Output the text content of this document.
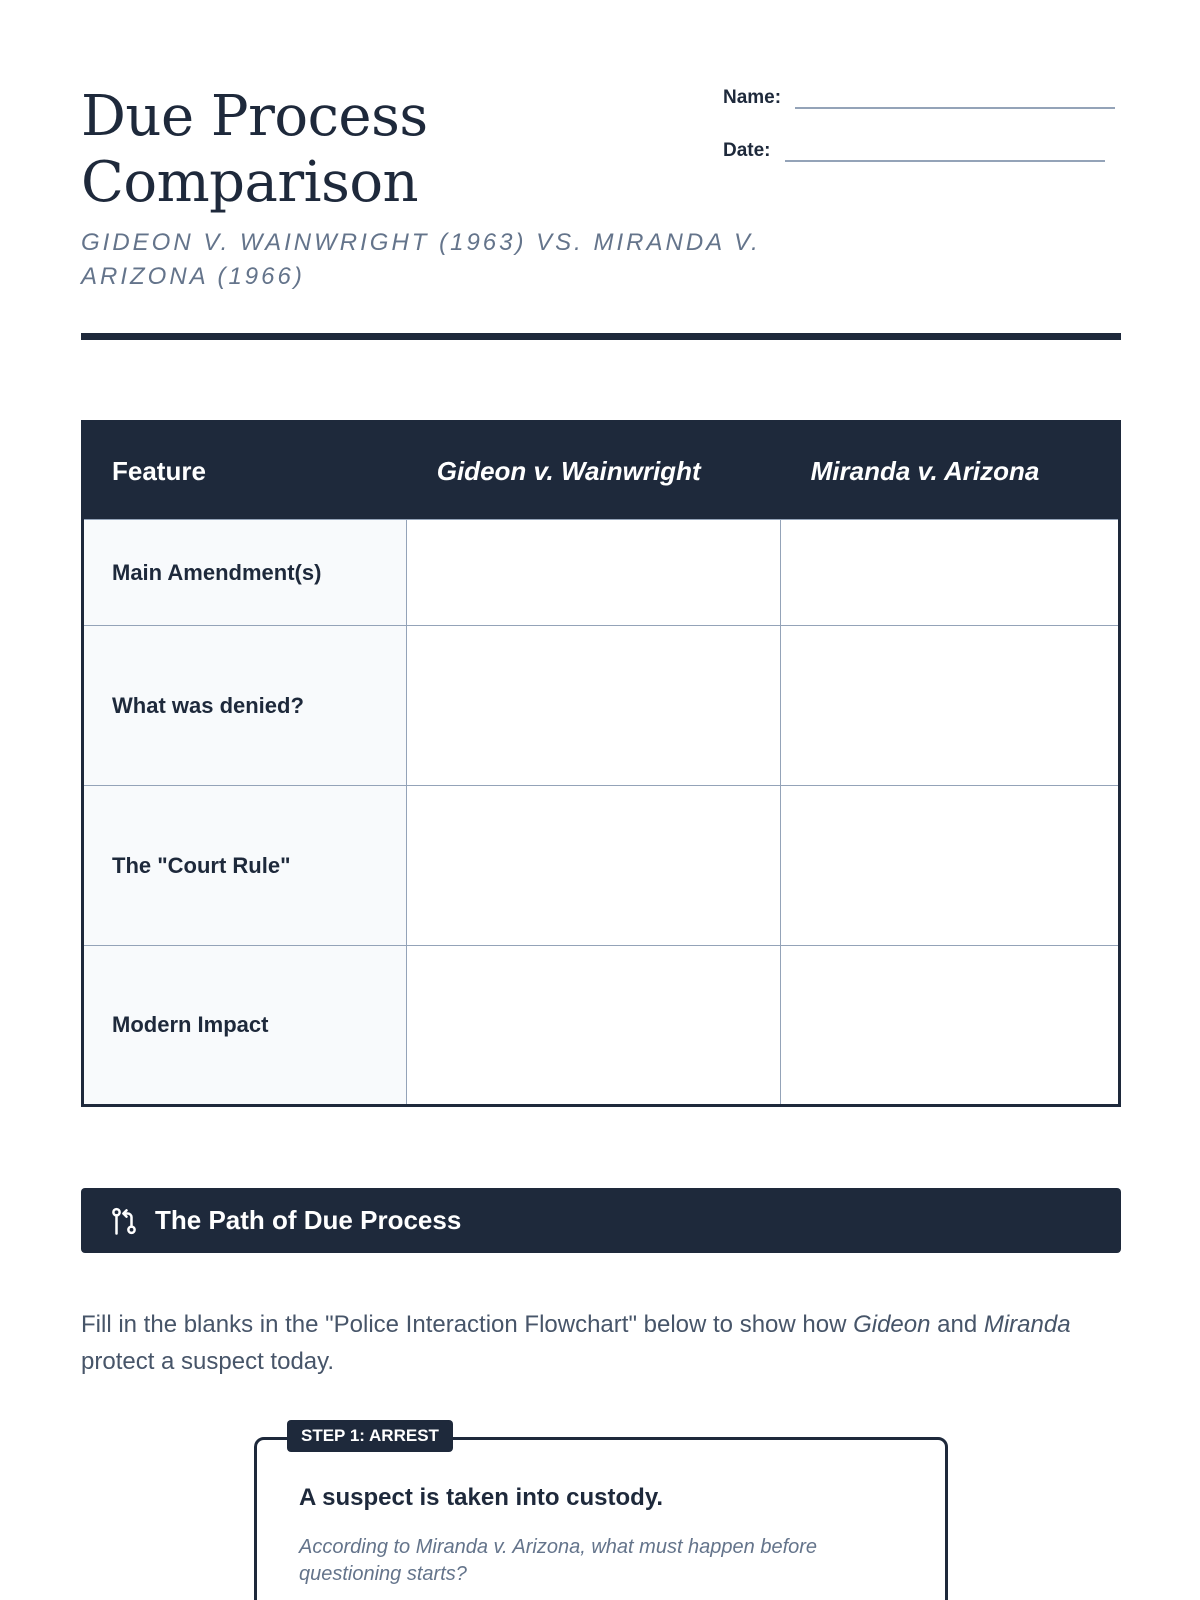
Due Process
Comparison
GIDEON V. WAINWRIGHT (1963) VS. MIRANDA V. ARIZONA (1966)
Name:
Date:
Feature	Gideon v. Wainwright	Miranda v. Arizona
Main Amendment(s)		
What was denied?		
The "Court Rule"		
Modern Impact		
The Path of Due Process

Fill in the blanks in the "Police Interaction Flowchart" below to show how Gideon and Miranda protect a suspect today.

STEP 1: ARREST
A suspect is taken into custody.
According to Miranda v. Arizona, what must happen before questioning starts?
